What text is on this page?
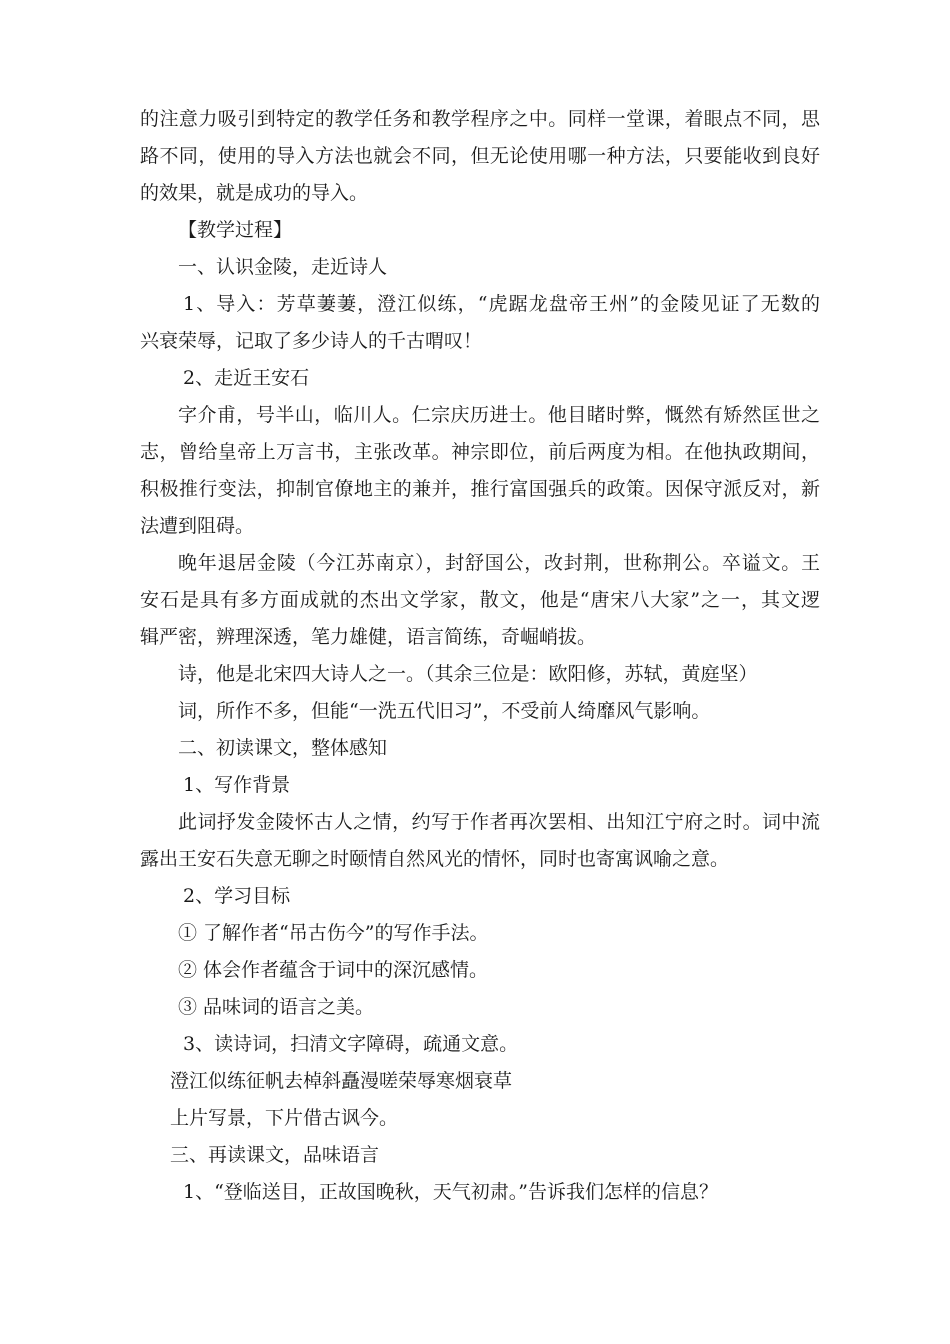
的注意力吸引到特定的教学任务和教学程序之中。同样一堂课，着眼点不同，思
路不同，使用的导入方法也就会不同，但无论使用哪一种方法，只要能收到良好
的效果，就是成功的导入。
【教学过程】
一、认识金陵，走近诗人
1、导入：芳草萋萋，澄江似练，“虎踞龙盘帝王州”的金陵见证了无数的
兴衰荣辱，记取了多少诗人的千古喟叹！
2、走近王安石
字介甫，号半山，临川人。仁宗庆历进士。他目睹时弊，慨然有矫然匡世之
志，曾给皇帝上万言书，主张改革。神宗即位，前后两度为相。在他执政期间，
积极推行变法，抑制官僚地主的兼并，推行富国强兵的政策。因保守派反对，新
法遭到阻碍。
晚年退居金陵（今江苏南京），封舒国公，改封荆，世称荆公。卒谥文。王
安石是具有多方面成就的杰出文学家，散文，他是“唐宋八大家”之一，其文逻
辑严密，辨理深透，笔力雄健，语言简练，奇崛峭拔。
诗，他是北宋四大诗人之一。（其余三位是：欧阳修，苏轼，黄庭坚）
词，所作不多，但能“一洗五代旧习”，不受前人绮靡风气影响。
二、初读课文，整体感知
1、写作背景
此词抒发金陵怀古人之情，约写于作者再次罢相、出知江宁府之时。词中流
露出王安石失意无聊之时颐情自然风光的情怀，同时也寄寓讽喻之意。
2、学习目标
① 了解作者“吊古伤今”的写作手法。
② 体会作者蕴含于词中的深沉感情。
③ 品味词的语言之美。
3、读诗词，扫清文字障碍，疏通文意。
澄江似练征帆去棹斜矗漫嗟荣辱寒烟衰草
上片写景，下片借古讽今。
三、再读课文，品味语言
1、“登临送目，正故国晚秋，天气初肃。”告诉我们怎样的信息？
